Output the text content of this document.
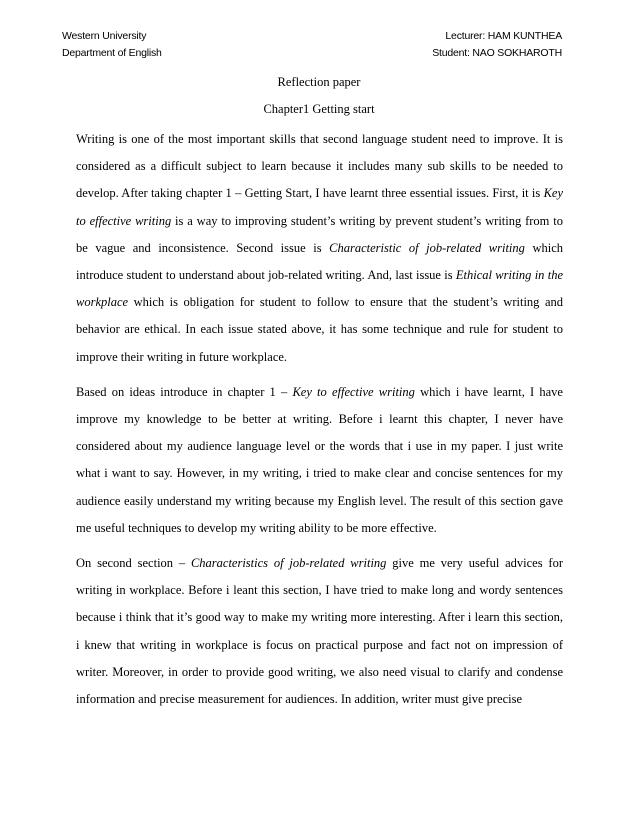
Western University
Department of English
Lecturer: HAM KUNTHEA
Student: NAO SOKHAROTH
Reflection paper
Chapter1 Getting start

Writing is one of the most important skills that second language student need to improve. It is considered as a difficult subject to learn because it includes many sub skills to be needed to develop. After taking chapter 1 – Getting Start, I have learnt three essential issues. First, it is Key to effective writing is a way to improving student’s writing by prevent student’s writing from to be vague and inconsistence. Second issue is Characteristic of job-related writing which introduce student to understand about job-related writing. And, last issue is Ethical writing in the workplace which is obligation for student to follow to ensure that the student’s writing and behavior are ethical. In each issue stated above, it has some technique and rule for student to improve their writing in future workplace.

Based on ideas introduce in chapter 1 – Key to effective writing which i have learnt, I have improve my knowledge to be better at writing. Before i learnt this chapter, I never have considered about my audience language level or the words that i use in my paper. I just write what i want to say. However, in my writing, i tried to make clear and concise sentences for my audience easily understand my writing because my English level. The result of this section gave me useful techniques to develop my writing ability to be more effective.

On second section – Characteristics of job-related writing give me very useful advices for writing in workplace. Before i leant this section, I have tried to make long and wordy sentences because i think that it’s good way to make my writing more interesting. After i learn this section, i knew that writing in workplace is focus on practical purpose and fact not on impression of writer. Moreover, in order to provide good writing, we also need visual to clarify and condense information and precise measurement for audiences. In addition, writer must give precise
